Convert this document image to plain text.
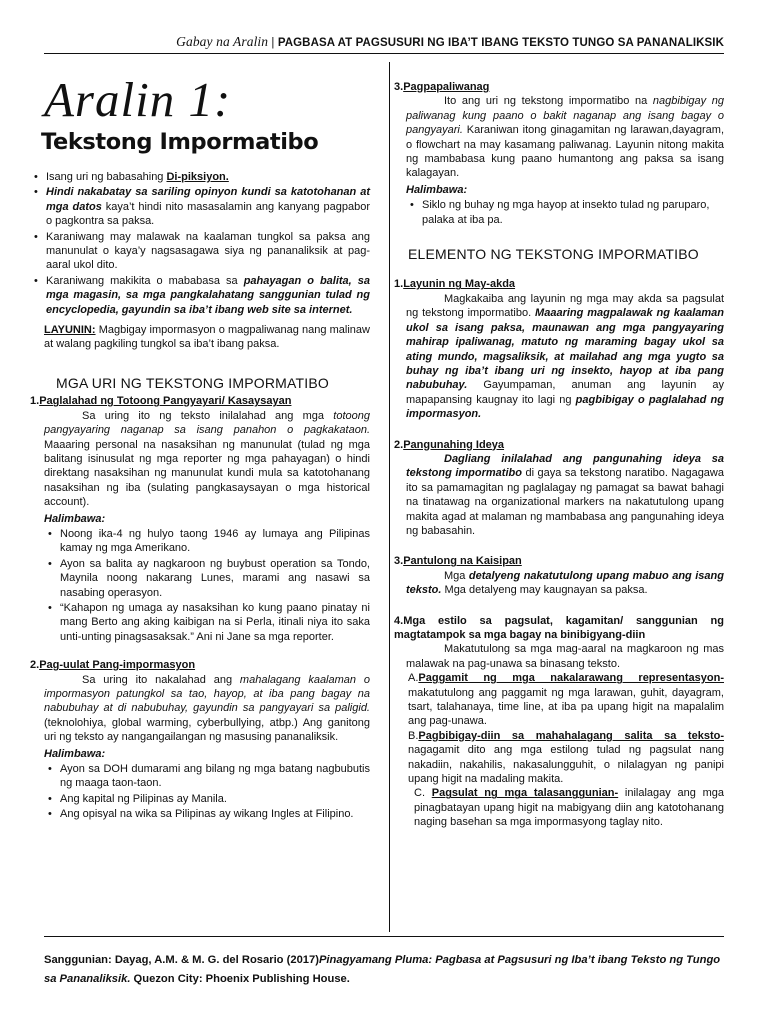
Gabay na Aralin | PAGBASA AT PAGSUSURI NG IBA’T IBANG TEKSTO TUNGO SA PANANALIKSIK
Aralin 1:
Tekstong Impormatibo
• Isang uri ng babasahing Di-piksiyon.
• Hindi nakabatay sa sariling opinyon kundi sa katotohanan at mga datos kaya’t hindi nito masasalamin ang kanyang pagpabor o pagkontra sa paksa.
• Karaniwang may malawak na kaalaman tungkol sa paksa ang manunulat o kaya’y nagsasagawa siya ng pananaliksik at pag-aaral ukol dito.
• Karaniwang makikita o mababasa sa pahayagan o balita, sa mga magasin, sa mga pangkalahatang sanggunian tulad ng encyclopedia, gayundin sa iba’t ibang web site sa internet.

LAYUNIN: Magbigay impormasyon o magpaliwanag nang malinaw at walang pagkiling tungkol sa iba’t ibang paksa.

MGA URI NG TEKSTONG IMPORMATIBO

1.Paglalahad ng Totoong Pangyayari/ Kasaysayan

Sa uring ito ng teksto inilalahad ang mga totoong pangyayaring naganap sa isang panahon o pagkakataon. Maaaring personal na nasaksihan ng manunulat (tulad ng mga balitang isinusulat ng mga reporter ng mga pahayagan) o hindi direktang nasaksihan ng manunulat kundi mula sa katotohanang nasaksihan ng iba (sulating pangkasaysayan o mga historical account).

Halimbawa:

• Noong ika-4 ng hulyo taong 1946 ay lumaya ang Pilipinas kamay ng mga Amerikano.
• Ayon sa balita ay nagkaroon ng buybust operation sa Tondo, Maynila noong nakarang Lunes, marami ang nasawi sa nasabing operasyon.
• “Kahapon ng umaga ay nasaksihan ko kung paano pinatay ni mang Berto ang aking kaibigan na si Perla, itinali niya ito saka unti-unting pinagsasaksak.” Ani ni Jane sa mga reporter.

2.Pag-uulat Pang-impormasyon

Sa uring ito nakalahad ang mahalagang kaalaman o impormasyon patungkol sa tao, hayop, at iba pang bagay na nabubuhay at di nabubuhay, gayundin sa pangyayari sa paligid. (teknolohiya, global warming, cyberbullying, atbp.) Ang ganitong uri ng teksto ay nangangailangan ng masusing pananaliksik.

Halimbawa:

• Ayon sa DOH dumarami ang bilang ng mga batang nagbubutis ng maaga taon-taon.
• Ang kapital ng Pilipinas ay Manila.
• Ang opisyal na wika sa Pilipinas ay wikang Ingles at Filipino.

3.Pagpapaliwanag

Ito ang uri ng tekstong impormatibo na nagbibigay ng paliwanag kung paano o bakit naganap ang isang bagay o pangyayari. Karaniwan itong ginagamitan ng larawan,dayagram, o flowchart na may kasamang paliwanag. Layunin nitong makita ng mambabasa kung paano humantong ang paksa sa isang kalagayan.

Halimbawa:

• Siklo ng buhay ng mga hayop at insekto tulad ng paruparo, palaka at iba pa.

ELEMENTO NG TEKSTONG IMPORMATIBO

1.Layunin ng May-akda

Magkakaiba ang layunin ng mga may akda sa pagsulat ng tekstong impormatibo. Maaaring magpalawak ng kaalaman ukol sa isang paksa, maunawan ang mga pangyayaring mahirap ipaliwanag, matuto ng maraming bagay ukol sa ating mundo, magsaliksik, at mailahad ang mga yugto sa buhay ng iba’t ibang uri ng insekto, hayop at iba pang nabubuhay. Gayumpaman, anuman ang layunin ay mapapansing kaugnay ito lagi ng pagbibigay o paglalahad ng impormasyon.

2.Pangunahing Ideya

Dagliang inilalahad ang pangunahing ideya sa tekstong impormatibo di gaya sa tekstong naratibo. Nagagawa ito sa pamamagitan ng paglalagay ng pamagat sa bawat bahagi na tinatawag na organizational markers na nakatutulong upang makita agad at malaman ng mambabasa ang pangunahing ideya ng babasahin.

3.Pantulong na Kaisipan

Mga detalyeng nakatutulong upang mabuo ang isang teksto. Mga detalyeng may kaugnayan sa paksa.

4.Mga estilo sa pagsulat, kagamitan/ sanggunian ng magtatampok sa mga bagay na binibigyang-diin

Makatutulong sa mga mag-aaral na magkaroon ng mas malawak na pag-unawa sa binasang teksto.

A.Paggamit ng mga nakalarawang representasyon- makatutulong ang paggamit ng mga larawan, guhit, dayagram, tsart, talahanaya, time line, at iba pa upang higit na mapalalim ang pag-unawa.

B.Pagbibigay-diin sa mahahalagang salita sa teksto- nagagamit dito ang mga estilong tulad ng pagsulat nang nakadiin, nakahilis, nakasalungguhit, o nilalagyan ng panipi upang higit na madaling makita.

C. Pagsulat ng mga talasanggunian- inilalagay ang mga pinagbatayan upang higit na mabigyang diin ang katotohanang naging basehan sa mga impormasyong taglay nito.

Sanggunian: Dayag, A.M. & M. G. del Rosario (2017)Pinagyamang Pluma: Pagbasa at Pagsusuri ng Iba’t ibang Teksto ng Tungo sa Pananaliksik. Quezon City: Phoenix Publishing House.
